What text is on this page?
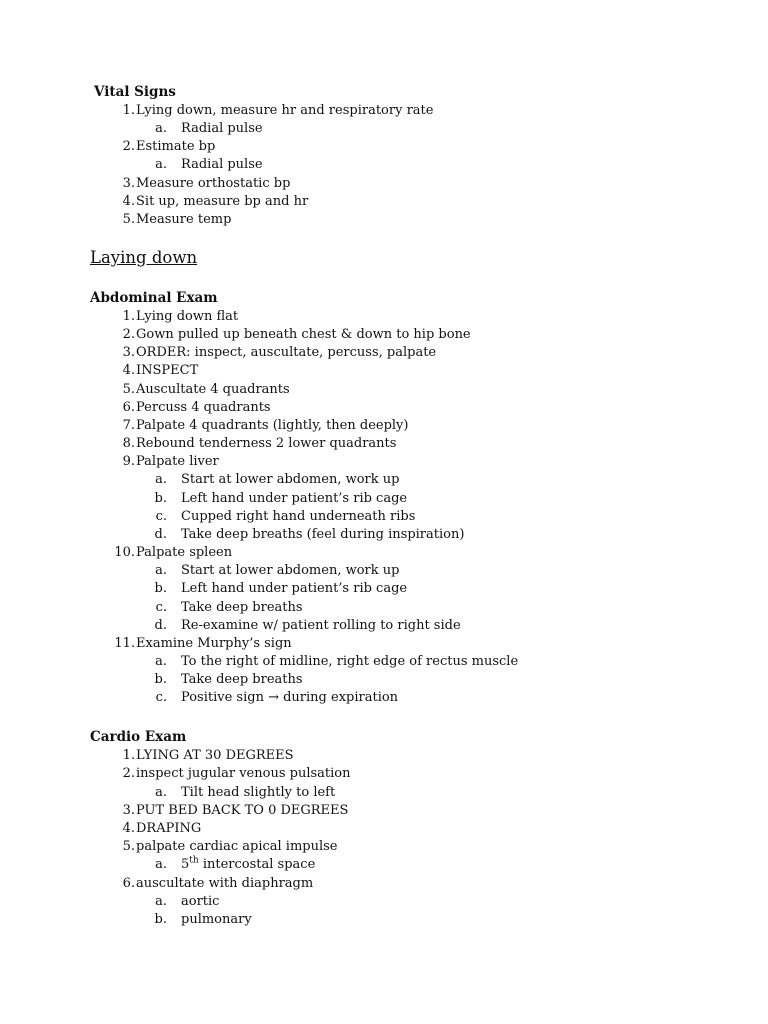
Vital Signs
1. Lying down, measure hr and respiratory rate
a. Radial pulse
2. Estimate bp
a. Radial pulse
3. Measure orthostatic bp
4. Sit up, measure bp and hr
5. Measure temp
Laying down
Abdominal Exam
1. Lying down flat
2. Gown pulled up beneath chest & down to hip bone
3. ORDER: inspect, auscultate, percuss, palpate
4. INSPECT
5. Auscultate 4 quadrants
6. Percuss 4 quadrants
7. Palpate 4 quadrants (lightly, then deeply)
8. Rebound tenderness 2 lower quadrants
9. Palpate liver
a. Start at lower abdomen, work up
b. Left hand under patient’s rib cage
c. Cupped right hand underneath ribs
d. Take deep breaths (feel during inspiration)
10. Palpate spleen
a. Start at lower abdomen, work up
b. Left hand under patient’s rib cage
c. Take deep breaths
d. Re-examine w/ patient rolling to right side
11. Examine Murphy’s sign
a. To the right of midline, right edge of rectus muscle
b. Take deep breaths
c. Positive sign → during expiration
Cardio Exam
1. LYING AT 30 DEGREES
2. inspect jugular venous pulsation
a. Tilt head slightly to left
3. PUT BED BACK TO 0 DEGREES
4. DRAPING
5. palpate cardiac apical impulse
a. 5th intercostal space
6. auscultate with diaphragm
a. aortic
b. pulmonary
